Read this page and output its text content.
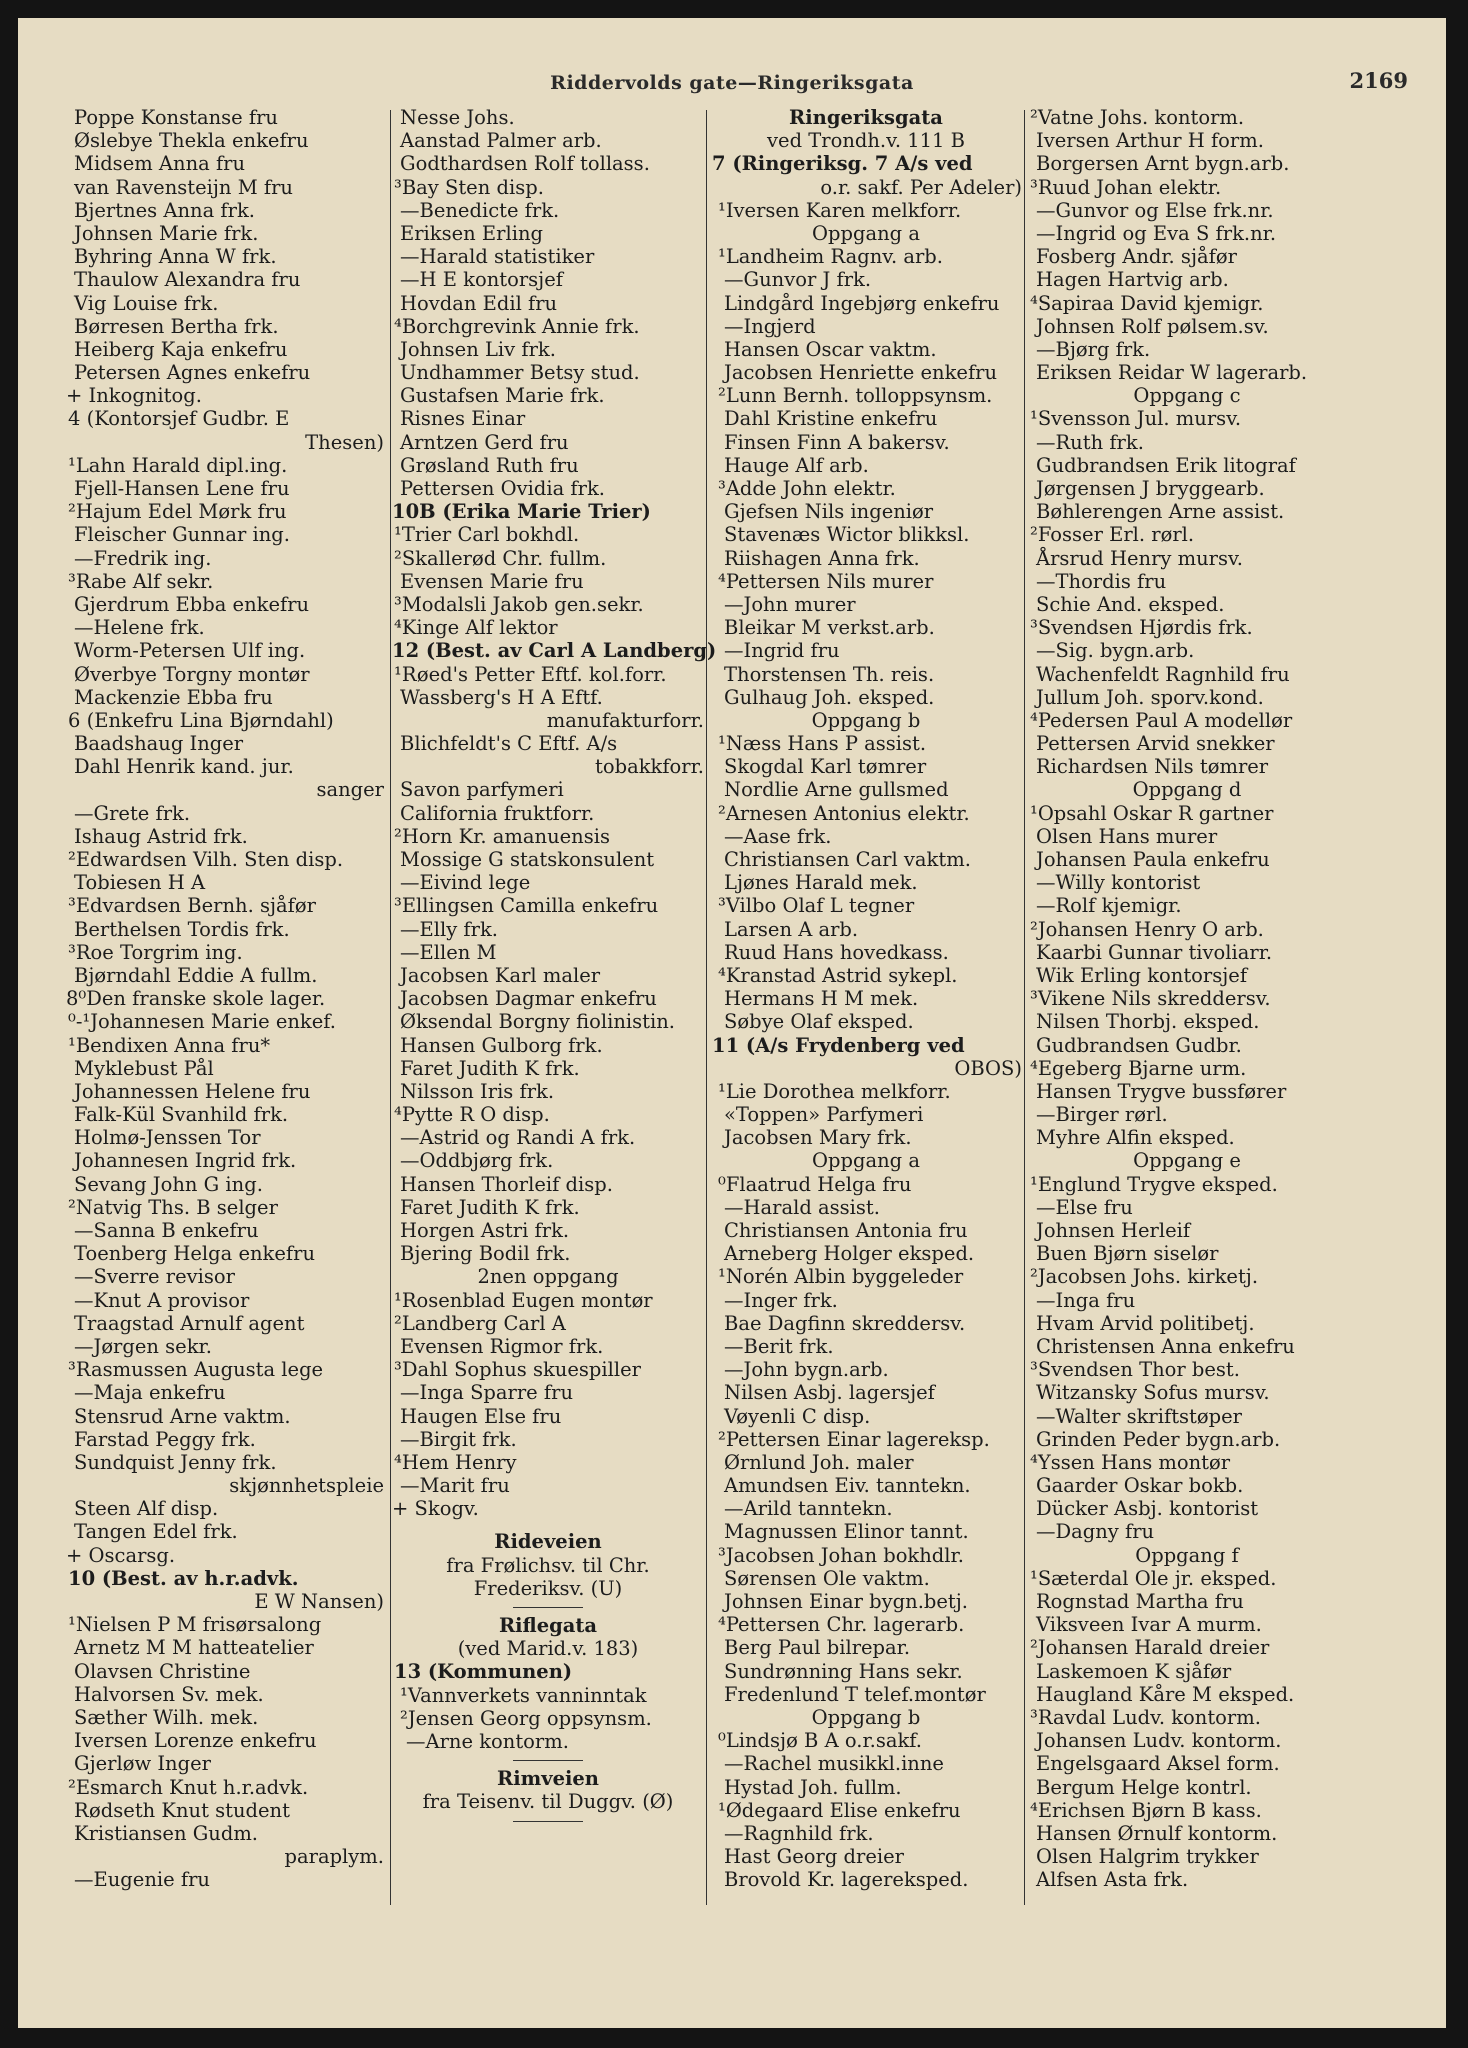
Riddervolds gate—Ringeriksgata	2169
Poppe Konstanse fru
Øslebye Thekla enkefru
Midsem Anna fru
van Ravensteijn M fru
Bjertnes Anna frk.
Johnsen Marie frk.
Byhring Anna W frk.
Thaulow Alexandra fru
Vig Louise frk.
Børresen Bertha frk.
Heiberg Kaja enkefru
Petersen Agnes enkefru
+ Inkognitog.
4 (Kontorsjef Gudbr. E
Thesen)
¹Lahn Harald dipl.ing.
Fjell-Hansen Lene fru
²Hajum Edel Mørk fru
Fleischer Gunnar ing.
—Fredrik ing.
³Rabe Alf sekr.
Gjerdrum Ebba enkefru
—Helene frk.
Worm-Petersen Ulf ing.
Øverbye Torgny montør
Mackenzie Ebba fru
6 (Enkefru Lina Bjørndahl)
Baadshaug Inger
Dahl Henrik kand. jur.
sanger
—Grete frk.
Ishaug Astrid frk.
²Edwardsen Vilh. Sten disp.
Tobiesen H A
³Edvardsen Bernh. sjåfør
Berthelsen Tordis frk.
³Roe Torgrim ing.
Bjørndahl Eddie A fullm.
8⁰Den franske skole lager.
⁰-¹Johannesen Marie enkef.
¹Bendixen Anna fru*
Myklebust Pål
Johannessen Helene fru
Falk-Kül Svanhild frk.
Holmø-Jenssen Tor
Johannesen Ingrid frk.
Sevang John G ing.
²Natvig Ths. B selger
—Sanna B enkefru
Toenberg Helga enkefru
—Sverre revisor
—Knut A provisor
Traagstad Arnulf agent
—Jørgen sekr.
³Rasmussen Augusta lege
—Maja enkefru
Stensrud Arne vaktm.
Farstad Peggy frk.
Sundquist Jenny frk.
skjønnhetspleie
Steen Alf disp.
Tangen Edel frk.
+ Oscarsg.
10 (Best. av h.r.advk.
E W Nansen)
¹Nielsen P M frisørsalong
Arnetz M M hatteatelier
Olavsen Christine
Halvorsen Sv. mek.
Sæther Wilh. mek.
Iversen Lorenze enkefru
Gjerløw Inger
²Esmarch Knut h.r.advk.
Rødseth Knut student
Kristiansen Gudm.
paraplym.
—Eugenie fru
Nesse Johs.
Aanstad Palmer arb.
Godthardsen Rolf tollass.
³Bay Sten disp.
—Benedicte frk.
Eriksen Erling
—Harald statistiker
—H E kontorsjef
Hovdan Edil fru
⁴Borchgrevink Annie frk.
Johnsen Liv frk.
Undhammer Betsy stud.
Gustafsen Marie frk.
Risnes Einar
Arntzen Gerd fru
Grøsland Ruth fru
Pettersen Ovidia frk.
10B (Erika Marie Trier)
¹Trier Carl bokhdl.
²Skallerød Chr. fullm.
Evensen Marie fru
³Modalsli Jakob gen.sekr.
⁴Kinge Alf lektor
12 (Best. av Carl A Landberg)
¹Røed's Petter Eftf. kol.forr.
Wassberg's H A Eftf.
manufakturforr.
Blichfeldt's C Eftf. A/s
tobakkforr.
Savon parfymeri
California fruktforr.
²Horn Kr. amanuensis
Mossige G statskonsulent
—Eivind lege
³Ellingsen Camilla enkefru
—Elly frk.
—Ellen M
Jacobsen Karl maler
Jacobsen Dagmar enkefru
Øksendal Borgny fiolinistin.
Hansen Gulborg frk.
Faret Judith K frk.
Nilsson Iris frk.
⁴Pytte R O disp.
—Astrid og Randi A frk.
—Oddbjørg frk.
Hansen Thorleif disp.
Faret Judith K frk.
Horgen Astri frk.
Bjering Bodil frk.
2nen oppgang
¹Rosenblad Eugen montør
²Landberg Carl A
Evensen Rigmor frk.
³Dahl Sophus skuespiller
—Inga Sparre fru
Haugen Else fru
—Birgit frk.
⁴Hem Henry
—Marit fru
+ Skogv.
Rideveien
fra Frølichsv. til Chr.
Frederiksv. (U)
Riflegata
(ved Marid.v. 183)
13 (Kommunen)
¹Vannverkets vanninntak
²Jensen Georg oppsynsm.
—Arne kontorm.
Rimveien
fra Teisenv. til Duggv. (Ø)
Ringeriksgata
ved Trondh.v. 111 B
7 (Ringeriksg. 7 A/s ved
o.r. sakf. Per Adeler)
¹Iversen Karen melkforr.
Oppgang a
¹Landheim Ragnv. arb.
—Gunvor J frk.
Lindgård Ingebjørg enkefru
—Ingjerd
Hansen Oscar vaktm.
Jacobsen Henriette enkefru
²Lunn Bernh. tolloppsynsm.
Dahl Kristine enkefru
Finsen Finn A bakersv.
Hauge Alf arb.
³Adde John elektr.
Gjefsen Nils ingeniør
Stavenæs Wictor blikksl.
Riishagen Anna frk.
⁴Pettersen Nils murer
—John murer
Bleikar M verkst.arb.
—Ingrid fru
Thorstensen Th. reis.
Gulhaug Joh. eksped.
Oppgang b
¹Næss Hans P assist.
Skogdal Karl tømrer
Nordlie Arne gullsmed
²Arnesen Antonius elektr.
—Aase frk.
Christiansen Carl vaktm.
Ljønes Harald mek.
³Vilbo Olaf L tegner
Larsen A arb.
Ruud Hans hovedkass.
⁴Kranstad Astrid sykepl.
Hermans H M mek.
Søbye Olaf eksped.
11 (A/s Frydenberg ved
OBOS)
¹Lie Dorothea melkforr.
«Toppen» Parfymeri
Jacobsen Mary frk.
Oppgang a
⁰Flaatrud Helga fru
—Harald assist.
Christiansen Antonia fru
Arneberg Holger eksped.
¹Norén Albin byggeleder
—Inger frk.
Bae Dagfinn skreddersv.
—Berit frk.
—John bygn.arb.
Nilsen Asbj. lagersjef
Vøyenli C disp.
²Pettersen Einar lagereksp.
Ørnlund Joh. maler
Amundsen Eiv. tanntekn.
—Arild tanntekn.
Magnussen Elinor tannt.
³Jacobsen Johan bokhdlr.
Sørensen Ole vaktm.
Johnsen Einar bygn.betj.
⁴Pettersen Chr. lagerarb.
Berg Paul bilrepar.
Sundrønning Hans sekr.
Fredenlund T telef.montør
Oppgang b
⁰Lindsjø B A o.r.sakf.
—Rachel musikkl.inne
Hystad Joh. fullm.
¹Ødegaard Elise enkefru
—Ragnhild frk.
Hast Georg dreier
Brovold Kr. lagereksped.
²Vatne Johs. kontorm.
Iversen Arthur H form.
Borgersen Arnt bygn.arb.
³Ruud Johan elektr.
—Gunvor og Else frk.nr.
—Ingrid og Eva S frk.nr.
Fosberg Andr. sjåfør
Hagen Hartvig arb.
⁴Sapiraa David kjemigr.
Johnsen Rolf pølsem.sv.
—Bjørg frk.
Eriksen Reidar W lagerarb.
Oppgang c
¹Svensson Jul. mursv.
—Ruth frk.
Gudbrandsen Erik litograf
Jørgensen J bryggearb.
Bøhlerengen Arne assist.
²Fosser Erl. rørl.
Årsrud Henry mursv.
—Thordis fru
Schie And. eksped.
³Svendsen Hjørdis frk.
—Sig. bygn.arb.
Wachenfeldt Ragnhild fru
Jullum Joh. sporv.kond.
⁴Pedersen Paul A modellør
Pettersen Arvid snekker
Richardsen Nils tømrer
Oppgang d
¹Opsahl Oskar R gartner
Olsen Hans murer
Johansen Paula enkefru
—Willy kontorist
—Rolf kjemigr.
²Johansen Henry O arb.
Kaarbi Gunnar tivoliarr.
Wik Erling kontorsjef
³Vikene Nils skreddersv.
Nilsen Thorbj. eksped.
Gudbrandsen Gudbr.
⁴Egeberg Bjarne urm.
Hansen Trygve bussfører
—Birger rørl.
Myhre Alfin eksped.
Oppgang e
¹Englund Trygve eksped.
—Else fru
Johnsen Herleif
Buen Bjørn siselør
²Jacobsen Johs. kirketj.
—Inga fru
Hvam Arvid politibetj.
Christensen Anna enkefru
³Svendsen Thor best.
Witzansky Sofus mursv.
—Walter skriftstøper
Grinden Peder bygn.arb.
⁴Yssen Hans montør
Gaarder Oskar bokb.
Dücker Asbj. kontorist
—Dagny fru
Oppgang f
¹Sæterdal Ole jr. eksped.
Rognstad Martha fru
Viksveen Ivar A murm.
²Johansen Harald dreier
Laskemoen K sjåfør
Haugland Kåre M eksped.
³Ravdal Ludv. kontorm.
Johansen Ludv. kontorm.
Engelsgaard Aksel form.
Bergum Helge kontrl.
⁴Erichsen Bjørn B kass.
Hansen Ørnulf kontorm.
Olsen Halgrim trykker
Alfsen Asta frk.
